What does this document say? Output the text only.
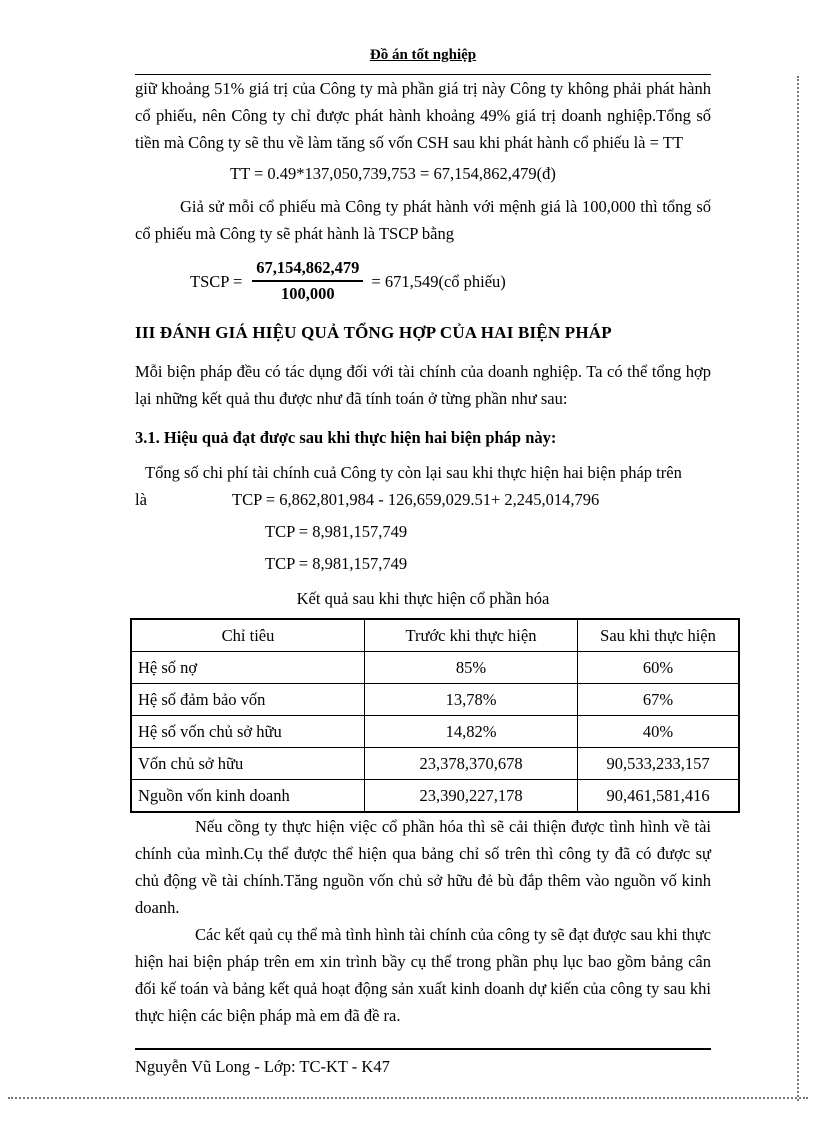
Đồ án tốt nghiệp

giữ khoảng 51% giá trị của Công ty mà phần giá trị này Công ty không phải phát hành cổ phiếu, nên Công ty chỉ được phát hành khoảng 49% giá trị doanh nghiệp.Tổng số tiền mà Công ty sẽ thu về làm tăng số vốn CSH sau khi phát hành cổ phiếu là = TT

TT = 0.49*137,050,739,753 = 67,154,862,479(đ)

Giả sử mỗi cổ phiếu mà Công ty phát hành với mệnh giá là 100,000 thì tổng số cổ phiếu mà Công ty sẽ phát hành là TSCP bằng

TSCP = $\frac{67,154,862,479}{100,000}$ = 671,549(cổ phiếu)
III ĐÁNH GIÁ HIỆU QUẢ TỔNG HỢP CỦA HAI BIỆN PHÁP

Mỗi biện pháp đều có tác dụng đối với tài chính của doanh nghiệp. Ta có thể tổng hợp lại những kết quả thu được như đã tính toán ở từng phần như sau:

3.1. Hiệu quả đạt được sau khi thực hiện hai biện pháp này:

Tổng số chi phí tài chính cuả Công ty còn lại sau khi thực hiện hai biện pháp trên

là	TCP = 6,862,801,984 - 126,659,029.51+ 2,245,014,796
TCP = 8,981,157,749
TCP = 8,981,157,749
Kết quả sau khi thực hiện cổ phần hóa
Chỉ tiêu	Trước khi thực hiện	Sau khi thực hiện
Hệ số nợ	85%	60%
Hệ số đảm bảo vốn	13,78%	67%
Hệ số vốn chủ sở hữu	14,82%	40%
Vốn chủ sở hữu	23,378,370,678	90,533,233,157
Nguồn vốn kinh doanh	23,390,227,178	90,461,581,416

Nếu cồng ty thực hiện việc cổ phần hóa thì sẽ cải thiện được tình hình về tài chính của mình.Cụ thể được thể hiện qua bảng chỉ số trên thì công ty đã có được sự chủ động về tài chính.Tăng nguồn vốn chủ sở hữu đẻ bù đắp thêm vào nguồn vố kinh doanh.

Các kết qaủ cụ thể mà tình hình tài chính của công ty sẽ đạt được sau khi thực hiện hai biện pháp trên em xin trình bầy cụ thể trong phần phụ lục bao gồm bảng cân đối kế toán và bảng kết quả hoạt động sản xuất kinh doanh dự kiến của công ty sau khi thực hiện các biện pháp mà em đã đề ra.

Nguyễn Vũ Long - Lớp: TC-KT - K47
